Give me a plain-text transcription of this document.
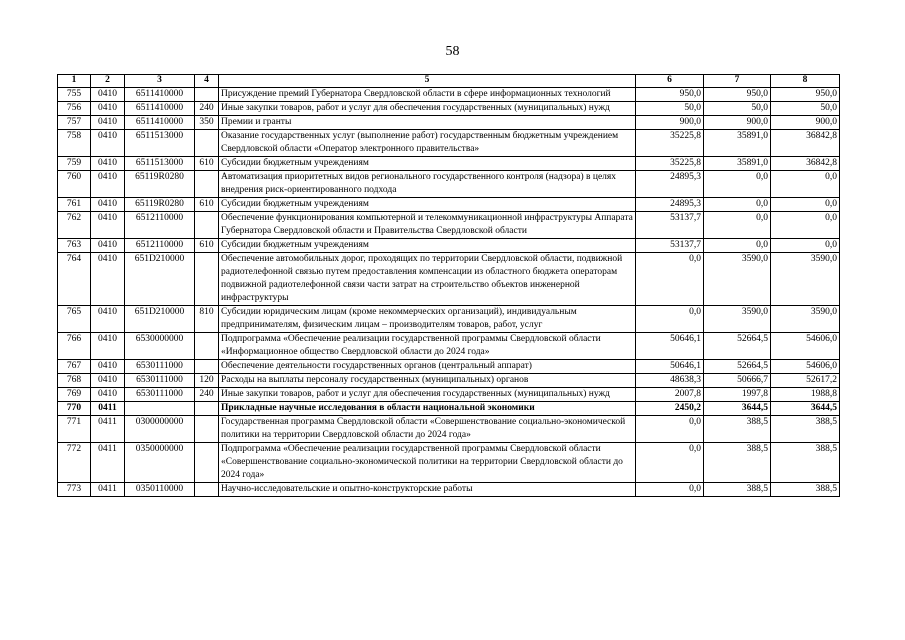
58
1	2	3	4	5	6	7	8
755	0410	6511410000		Присуждение премий Губернатора Свердловской области в сфере информационных технологий	950,0	950,0	950,0
756	0410	6511410000	240	Иные закупки товаров, работ и услуг для обеспечения государственных (муниципальных) нужд	50,0	50,0	50,0
757	0410	6511410000	350	Премии и гранты	900,0	900,0	900,0
758	0410	6511513000		Оказание государственных услуг (выполнение работ) государственным бюджетным учреждением Свердловской области «Оператор электронного правительства»	35225,8	35891,0	36842,8
759	0410	6511513000	610	Субсидии бюджетным учреждениям	35225,8	35891,0	36842,8
760	0410	65119R0280		Автоматизация приоритетных видов регионального государственного контроля (надзора) в целях внедрения риск-ориентированного подхода	24895,3	0,0	0,0
761	0410	65119R0280	610	Субсидии бюджетным учреждениям	24895,3	0,0	0,0
762	0410	6512110000		Обеспечение функционирования компьютерной и телекоммуникационной инфраструктуры Аппарата Губернатора Свердловской области и Правительства Свердловской области	53137,7	0,0	0,0
763	0410	6512110000	610	Субсидии бюджетным учреждениям	53137,7	0,0	0,0
764	0410	651D210000		Обеспечение автомобильных дорог, проходящих по территории Свердловской области, подвижной радиотелефонной связью путем предоставления компенсации из областного бюджета операторам подвижной радиотелефонной связи части затрат на строительство объектов инженерной инфраструктуры	0,0	3590,0	3590,0
765	0410	651D210000	810	Субсидии юридическим лицам (кроме некоммерческих организаций), индивидуальным предпринимателям, физическим лицам – производителям товаров, работ, услуг	0,0	3590,0	3590,0
766	0410	6530000000		Подпрограмма «Обеспечение реализации государственной программы Свердловской области «Информационное общество Свердловской области до 2024 года»	50646,1	52664,5	54606,0
767	0410	6530111000		Обеспечение деятельности государственных органов (центральный аппарат)	50646,1	52664,5	54606,0
768	0410	6530111000	120	Расходы на выплаты персоналу государственных (муниципальных) органов	48638,3	50666,7	52617,2
769	0410	6530111000	240	Иные закупки товаров, работ и услуг для обеспечения государственных (муниципальных) нужд	2007,8	1997,8	1988,8
770	0411			Прикладные научные исследования в области национальной экономики	2450,2	3644,5	3644,5
771	0411	0300000000		Государственная программа Свердловской области «Совершенствование социально-экономической политики на территории Свердловской области до 2024 года»	0,0	388,5	388,5
772	0411	0350000000		Подпрограмма «Обеспечение реализации государственной программы Свердловской области «Совершенствование социально-экономической политики на территории Свердловской области до 2024 года»	0,0	388,5	388,5
773	0411	0350110000		Научно-исследовательские и опытно-конструкторские работы	0,0	388,5	388,5
